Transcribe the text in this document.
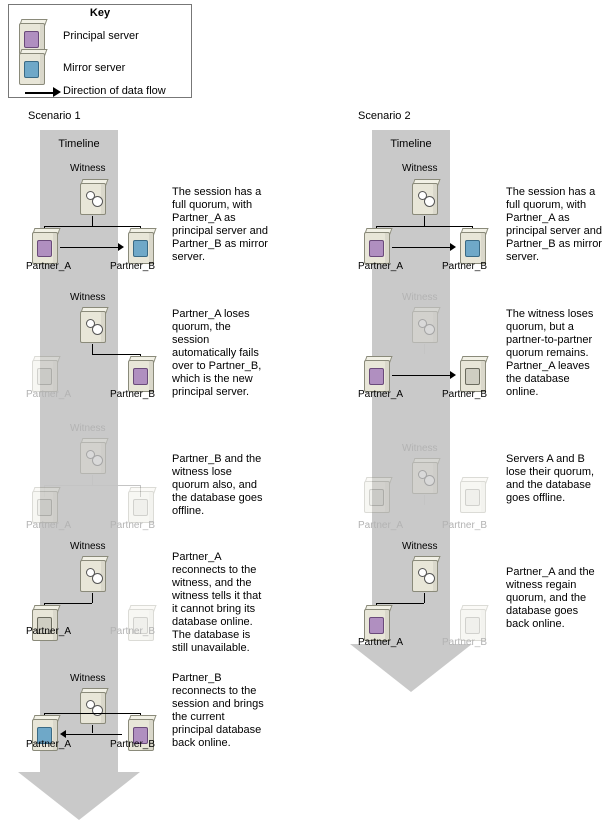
Key
Principal server
Mirror server
Direction of data flow
Scenario 1
Timeline
Witness
Partner_A	Partner_B
The session has a full quorum, with Partner_A as principal server and Partner_B as mirror server.
Witness
Partner_A	Partner_B
Partner_A loses quorum, the session automatically fails over to Partner_B, which is the new principal server.
Witness
Partner_A	Partner_B
Partner_B and the witness lose quorum also, and the database goes offline.
Witness
Partner_A	Partner_B
Partner_A reconnects to the witness, and the witness tells it that it cannot bring its database online. The database is still unavailable.
Witness
Partner_A	Partner_B
Partner_B reconnects to the session and brings the current principal database back online.
Scenario 2
Timeline
Witness
Partner_A	Partner_B
The session has a full quorum, with Partner_A as principal server and Partner_B as mirror server.
Witness
Partner_A	Partner_B
The witness loses quorum, but a partner-to-partner quorum remains. Partner_A leaves the database online.
Witness
Partner_A	Partner_B
Servers A and B lose their quorum, and the database goes offline.
Witness
Partner_A	Partner_B
Partner_A and the witness regain quorum, and the database goes back online.
